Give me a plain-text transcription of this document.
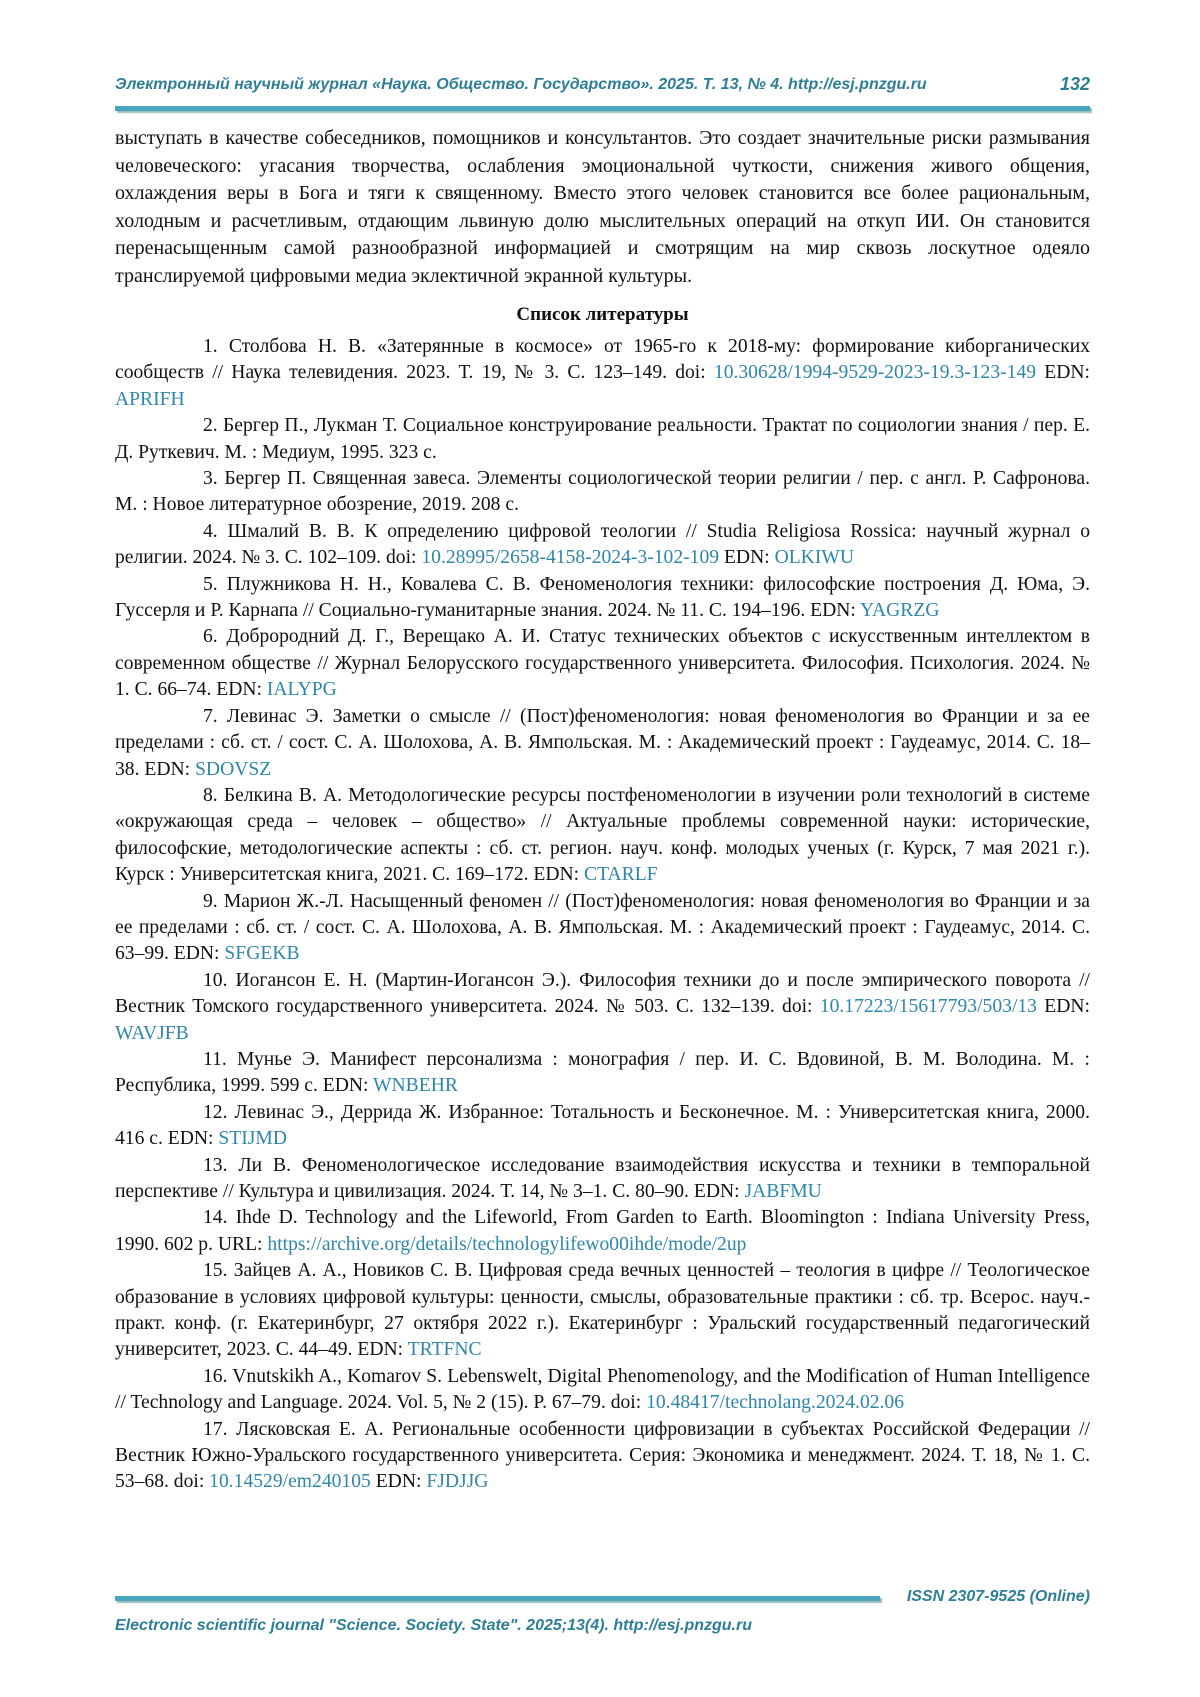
Электронный научный журнал «Наука. Общество. Государство». 2025. Т. 13, № 4. http://esj.pnzgu.ru	132

выступать в качестве собеседников, помощников и консультантов. Это создает значительные риски размывания человеческого: угасания творчества, ослабления эмоциональной чуткости, снижения живого общения, охлаждения веры в Бога и тяги к священному. Вместо этого человек становится все более рациональным, холодным и расчетливым, отдающим львиную долю мыслительных операций на откуп ИИ. Он становится перенасыщенным самой разнообразной информацией и смотрящим на мир сквозь лоскутное одеяло транслируемой цифровыми медиа эклектичной экранной культуры.

Список литературы

1. Столбова Н. В. «Затерянные в космосе» от 1965-го к 2018-му: формирование киборганических сообществ // Наука телевидения. 2023. Т. 19, № 3. С. 123–149. doi: 10.30628/1994-9529-2023-19.3-123-149 EDN: APRIFH

2. Бергер П., Лукман Т. Социальное конструирование реальности. Трактат по социологии знания / пер. Е. Д. Руткевич. М. : Медиум, 1995. 323 с.

3. Бергер П. Священная завеса. Элементы социологической теории религии / пер. с англ. Р. Сафронова. М. : Новое литературное обозрение, 2019. 208 с.

4. Шмалий В. В. К определению цифровой теологии // Studia Religiosa Rossica: научный журнал о религии. 2024. № 3. С. 102–109. doi: 10.28995/2658-4158-2024-3-102-109 EDN: OLKIWU

5. Плужникова Н. Н., Ковалева С. В. Феноменология техники: философские построения Д. Юма, Э. Гуссерля и Р. Карнапа // Социально-гуманитарные знания. 2024. № 11. С. 194–196. EDN: YAGRZG

6. Доброродний Д. Г., Верещако А. И. Статус технических объектов с искусственным интеллектом в современном обществе // Журнал Белорусского государственного университета. Философия. Психология. 2024. № 1. С. 66–74. EDN: IALYPG

7. Левинас Э. Заметки о смысле // (Пост)феноменология: новая феноменология во Франции и за ее пределами : сб. ст. / сост. С. А. Шолохова, А. В. Ямпольская. М. : Академический проект : Гаудеамус, 2014. С. 18–38. EDN: SDOVSZ

8. Белкина В. А. Методологические ресурсы постфеноменологии в изучении роли технологий в системе «окружающая среда – человек – общество» // Актуальные проблемы современной науки: исторические, философские, методологические аспекты : сб. ст. регион. науч. конф. молодых ученых (г. Курск, 7 мая 2021 г.). Курск : Университетская книга, 2021. С. 169–172. EDN: CTARLF

9. Марион Ж.-Л. Насыщенный феномен // (Пост)феноменология: новая феноменология во Франции и за ее пределами : сб. ст. / сост. С. А. Шолохова, А. В. Ямпольская. М. : Академический проект : Гаудеамус, 2014. С. 63–99. EDN: SFGEKB

10. Иогансон Е. Н. (Мартин-Иогансон Э.). Философия техники до и после эмпирического поворота // Вестник Томского государственного университета. 2024. № 503. С. 132–139. doi: 10.17223/15617793/503/13 EDN: WAVJFB

11. Мунье Э. Манифест персонализма : монография / пер. И. С. Вдовиной, В. М. Володина. М. : Республика, 1999. 599 с. EDN: WNBEHR

12. Левинас Э., Деррида Ж. Избранное: Тотальность и Бесконечное. М. : Университетская книга, 2000. 416 с. EDN: STIJMD

13. Ли В. Феноменологическое исследование взаимодействия искусства и техники в темпоральной перспективе // Культура и цивилизация. 2024. Т. 14, № 3–1. С. 80–90. EDN: JABFMU

14. Ihde D. Technology and the Lifeworld, From Garden to Earth. Bloomington : Indiana University Press, 1990. 602 p. URL: https://archive.org/details/technologylifewo00ihde/mode/2up

15. Зайцев А. А., Новиков С. В. Цифровая среда вечных ценностей – теология в цифре // Теологическое образование в условиях цифровой культуры: ценности, смыслы, образовательные практики : сб. тр. Всерос. науч.-практ. конф. (г. Екатеринбург, 27 октября 2022 г.). Екатеринбург : Уральский государственный педагогический университет, 2023. С. 44–49. EDN: TRTFNC

16. Vnutskikh A., Komarov S. Lebenswelt, Digital Phenomenology, and the Modification of Human Intelligence // Technology and Language. 2024. Vol. 5, № 2 (15). P. 67–79. doi: 10.48417/technolang.2024.02.06

17. Лясковская Е. А. Региональные особенности цифровизации в субъектах Российской Федерации // Вестник Южно-Уральского государственного университета. Серия: Экономика и менеджмент. 2024. Т. 18, № 1. С. 53–68. doi: 10.14529/em240105 EDN: FJDJJG

ISSN 2307-9525 (Online)
Electronic scientific journal "Science. Society. State". 2025;13(4). http://esj.pnzgu.ru
